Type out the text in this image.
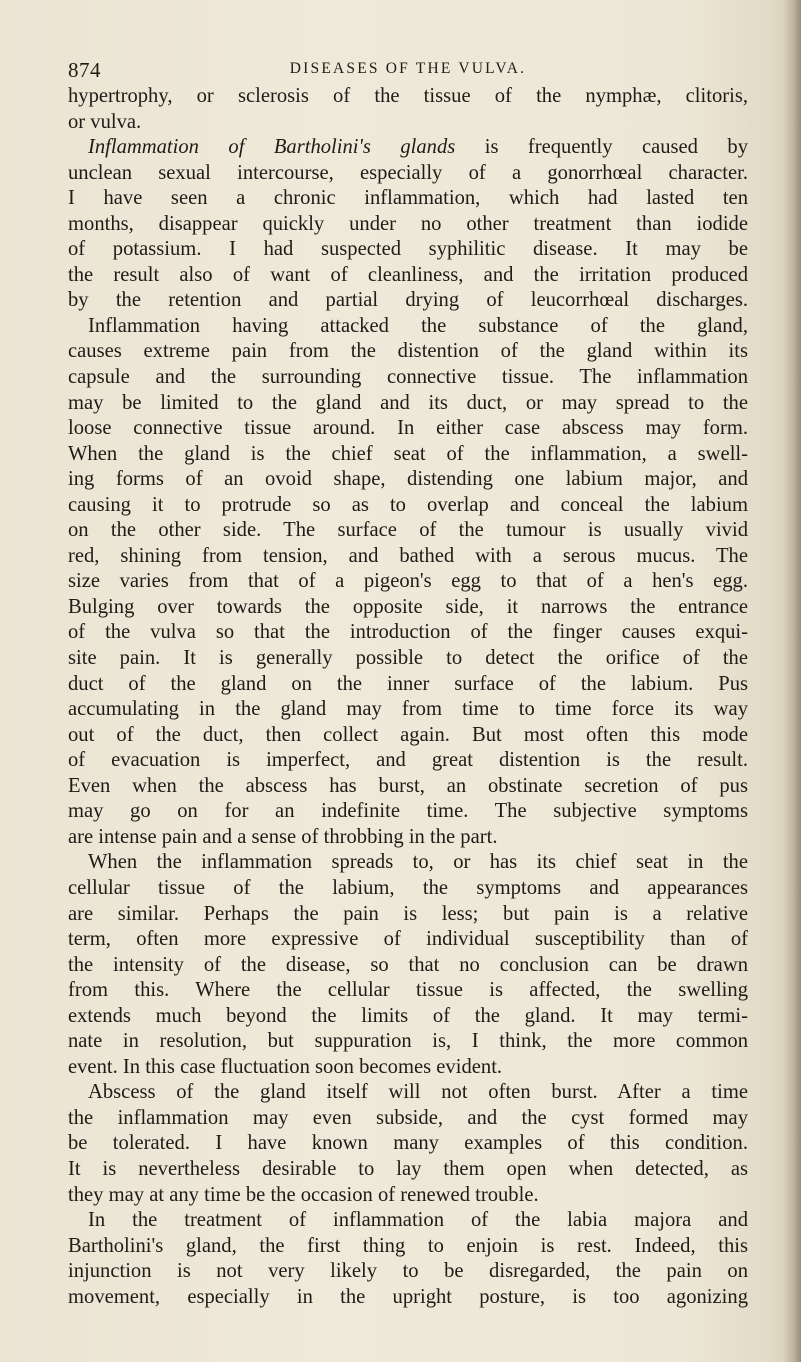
874	DISEASES OF THE VULVA.
hypertrophy, or sclerosis of the tissue of the nymphæ, clitoris,
or vulva.
Inflammation of Bartholini's glands is frequently caused by
unclean sexual intercourse, especially of a gonorrhœal character.
I have seen a chronic inflammation, which had lasted ten
months, disappear quickly under no other treatment than iodide
of potassium. I had suspected syphilitic disease. It may be
the result also of want of cleanliness, and the irritation produced
by the retention and partial drying of leucorrhœal discharges.
Inflammation having attacked the substance of the gland,
causes extreme pain from the distention of the gland within its
capsule and the surrounding connective tissue. The inflammation
may be limited to the gland and its duct, or may spread to the
loose connective tissue around. In either case abscess may form.
When the gland is the chief seat of the inflammation, a swell-
ing forms of an ovoid shape, distending one labium major, and
causing it to protrude so as to overlap and conceal the labium
on the other side. The surface of the tumour is usually vivid
red, shining from tension, and bathed with a serous mucus. The
size varies from that of a pigeon's egg to that of a hen's egg.
Bulging over towards the opposite side, it narrows the entrance
of the vulva so that the introduction of the finger causes exqui-
site pain. It is generally possible to detect the orifice of the
duct of the gland on the inner surface of the labium. Pus
accumulating in the gland may from time to time force its way
out of the duct, then collect again. But most often this mode
of evacuation is imperfect, and great distention is the result.
Even when the abscess has burst, an obstinate secretion of pus
may go on for an indefinite time. The subjective symptoms
are intense pain and a sense of throbbing in the part.
When the inflammation spreads to, or has its chief seat in the
cellular tissue of the labium, the symptoms and appearances
are similar. Perhaps the pain is less; but pain is a relative
term, often more expressive of individual susceptibility than of
the intensity of the disease, so that no conclusion can be drawn
from this. Where the cellular tissue is affected, the swelling
extends much beyond the limits of the gland. It may termi-
nate in resolution, but suppuration is, I think, the more common
event. In this case fluctuation soon becomes evident.
Abscess of the gland itself will not often burst. After a time
the inflammation may even subside, and the cyst formed may
be tolerated. I have known many examples of this condition.
It is nevertheless desirable to lay them open when detected, as
they may at any time be the occasion of renewed trouble.
In the treatment of inflammation of the labia majora and
Bartholini's gland, the first thing to enjoin is rest. Indeed, this
injunction is not very likely to be disregarded, the pain on
movement, especially in the upright posture, is too agonizing
